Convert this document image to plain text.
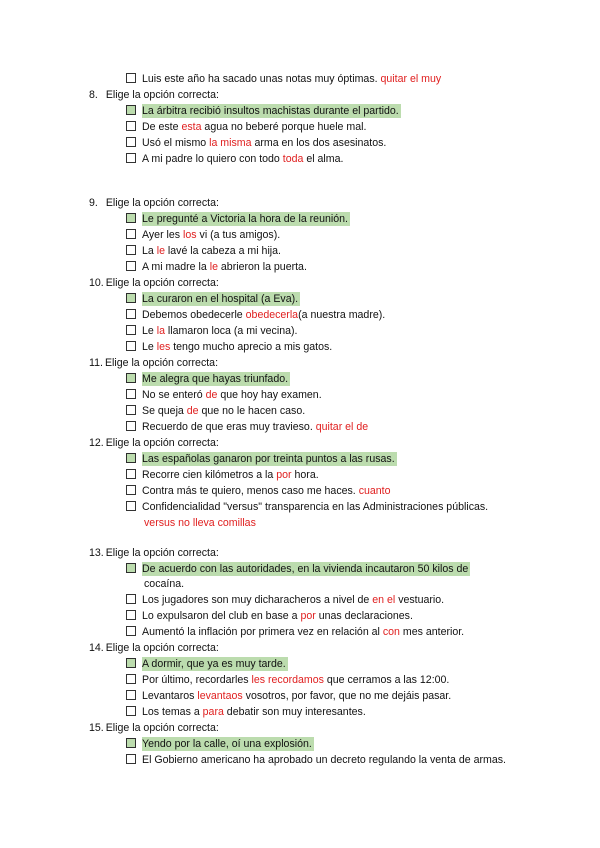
Luis este año ha sacado unas notas muy óptimas. quitar el muy
8. Elige la opción correcta:
La árbitra recibió insultos machistas durante el partido.
De este esta agua no beberé porque huele mal.
Usó el mismo la misma arma en los dos asesinatos.
A mi padre lo quiero con todo toda el alma.
9. Elige la opción correcta:
Le pregunté a Victoria la hora de la reunión.
Ayer les los vi (a tus amigos).
La le lavé la cabeza a mi hija.
A mi madre la le abrieron la puerta.
10. Elige la opción correcta:
La curaron en el hospital (a Eva).
Debemos obedecerle obedecerla(a nuestra madre).
Le la llamaron loca (a mi vecina).
Le les tengo mucho aprecio a mis gatos.
11. Elige la opción correcta:
Me alegra que hayas triunfado.
No se enteró de que hoy hay examen.
Se queja de que no le hacen caso.
Recuerdo de que eras muy travieso. quitar el de
12. Elige la opción correcta:
Las españolas ganaron por treinta puntos a las rusas.
Recorre cien kilómetros a la por hora.
Contra más te quiero, menos caso me haces. cuanto
Confidencialidad "versus" transparencia en las Administraciones públicas.
versus no lleva comillas
13. Elige la opción correcta:
De acuerdo con las autoridades, en la vivienda incautaron 50 kilos de
cocaína.
Los jugadores son muy dicharacheros a nivel de en el vestuario.
Lo expulsaron del club en base a por unas declaraciones.
Aumentó la inflación por primera vez en relación al con mes anterior.
14. Elige la opción correcta:
A dormir, que ya es muy tarde.
Por último, recordarles les recordamos que cerramos a las 12:00.
Levantaros levantaos vosotros, por favor, que no me dejáis pasar.
Los temas a para debatir son muy interesantes.
15. Elige la opción correcta:
Yendo por la calle, oí una explosión.
El Gobierno americano ha aprobado un decreto regulando la venta de armas.
